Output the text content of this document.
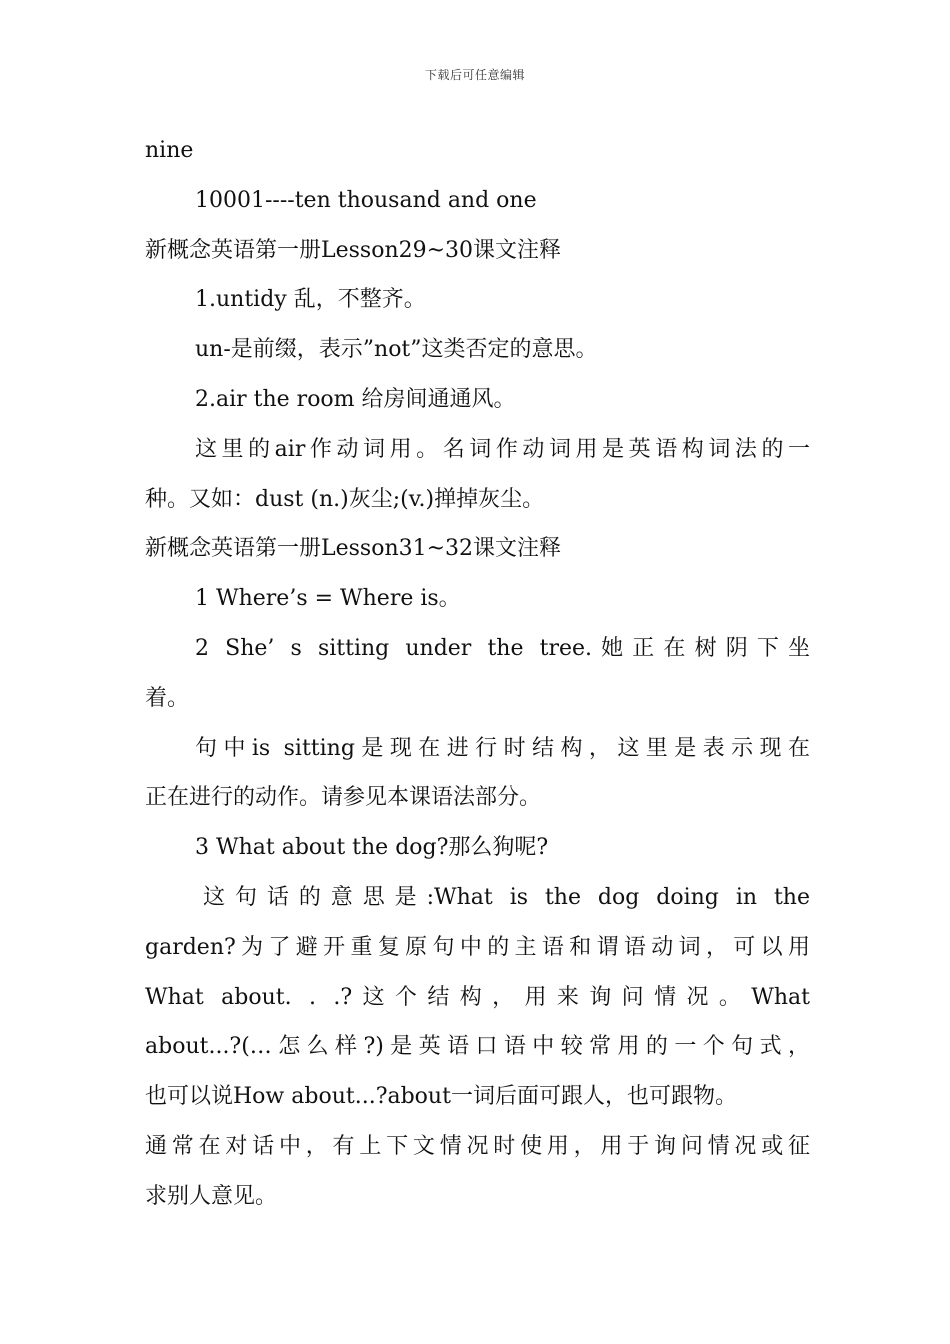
下载后可任意编辑
nine
10001----ten thousand and one
新概念英语第一册Lesson29~30课文注释
1.untidy 乱，不整齐。
un-是前缀，表示”not”这类否定的意思。
2.air the room 给房间通通风。
这里的air作动词用。名词作动词用是英语构词法的一
种。又如：dust (n.)灰尘;(v.)掸掉灰尘。
新概念英语第一册Lesson31~32课文注释
1 Where’s = Where is。
2 She’ s sitting under the tree.她正在树阴下坐
着。
句中is sitting是现在进行时结构，这里是表示现在
正在进行的动作。请参见本课语法部分。
3 What about the dog?那么狗呢?
这句话的意思是:What is the dog doing in the
garden?为了避开重复原句中的主语和谓语动词，可以用
What about. . .?这个结构，用来询问情况。What
about...?(…怎么样?)是英语口语中较常用的一个句式，
也可以说How about...?about一词后面可跟人，也可跟物。
通常在对话中，有上下文情况时使用，用于询问情况或征
求别人意见。
